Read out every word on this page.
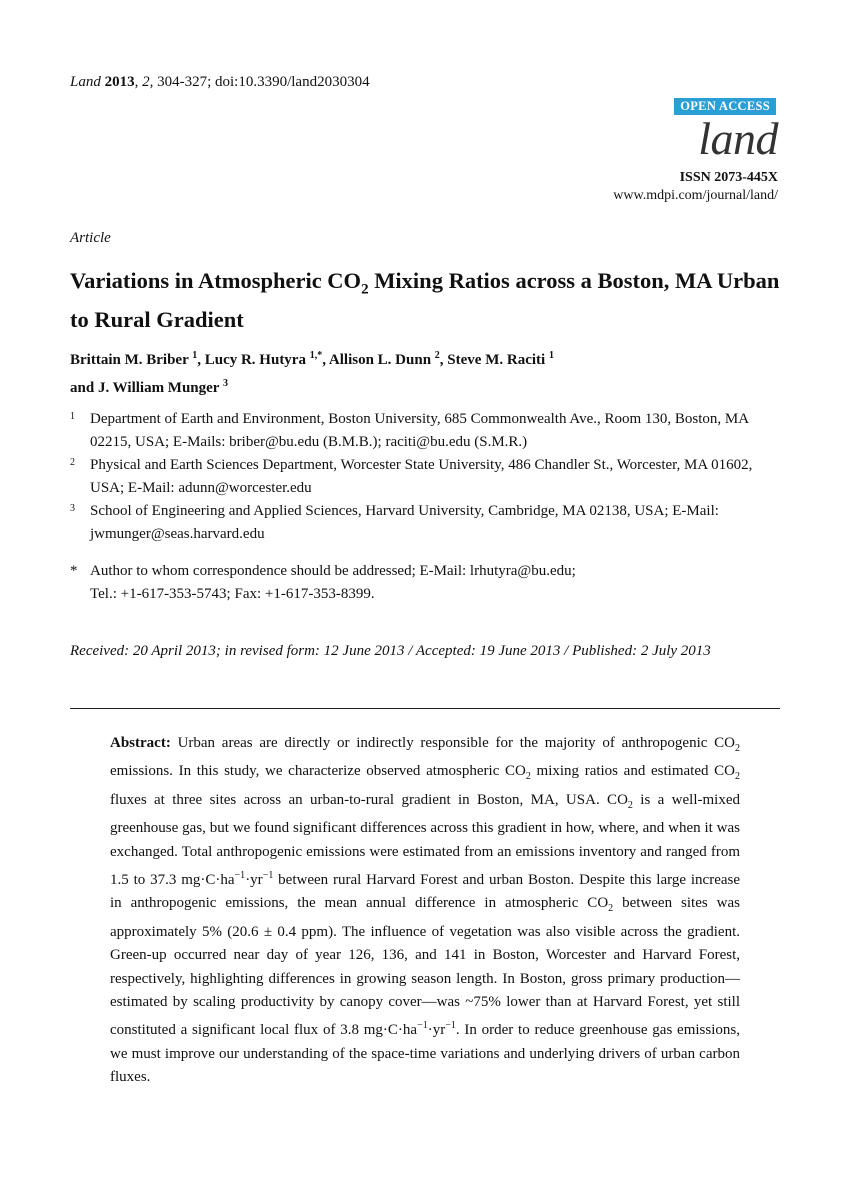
Land 2013, 2, 304-327; doi:10.3390/land2030304
OPEN ACCESS
land
ISSN 2073-445X
www.mdpi.com/journal/land/
Article
Variations in Atmospheric $CO_2$ Mixing Ratios across a Boston, MA Urban to Rural Gradient
Brittain M. Briber $^1$, Lucy R. Hutyra $^{1,*}$, Allison L. Dunn $^2$, Steve M. Raciti $^1$
and J. William Munger $^3$
1 Department of Earth and Environment, Boston University, 685 Commonwealth Ave., Room 130, Boston, MA 02215, USA; E-Mails: briber@bu.edu (B.M.B.); raciti@bu.edu (S.M.R.)
2 Physical and Earth Sciences Department, Worcester State University, 486 Chandler St., Worcester, MA 01602, USA; E-Mail: adunn@worcester.edu
3 School of Engineering and Applied Sciences, Harvard University, Cambridge, MA 02138, USA; E-Mail: jwmunger@seas.harvard.edu
* Author to whom correspondence should be addressed; E-Mail: lrhutyra@bu.edu;
Tel.: +1-617-353-5743; Fax: +1-617-353-8399.
Received: 20 April 2013; in revised form: 12 June 2013 / Accepted: 19 June 2013 / Published: 2 July 2013
Abstract: Urban areas are directly or indirectly responsible for the majority of anthropogenic $CO_2$ emissions. In this study, we characterize observed atmospheric $CO_2$ mixing ratios and estimated $CO_2$ fluxes at three sites across an urban-to-rural gradient in Boston, MA, USA. $CO_2$ is a well-mixed greenhouse gas, but we found significant differences across this gradient in how, where, and when it was exchanged. Total anthropogenic emissions were estimated from an emissions inventory and ranged from 1.5 to 37.3 $mg\cdot C\cdot ha^{-1}\cdot yr^{-1}$ between rural Harvard Forest and urban Boston. Despite this large increase in anthropogenic emissions, the mean annual difference in atmospheric $CO_2$ between sites was approximately 5% (20.6 ± 0.4 ppm). The influence of vegetation was also visible across the gradient. Green-up occurred near day of year 126, 136, and 141 in Boston, Worcester and Harvard Forest, respectively, highlighting differences in growing season length. In Boston, gross primary production—estimated by scaling productivity by canopy cover—was ~75% lower than at Harvard Forest, yet still constituted a significant local flux of 3.8 $mg\cdot C\cdot ha^{-1}\cdot yr^{-1}$. In order to reduce greenhouse gas emissions, we must improve our understanding of the space-time variations and underlying drivers of urban carbon fluxes.
